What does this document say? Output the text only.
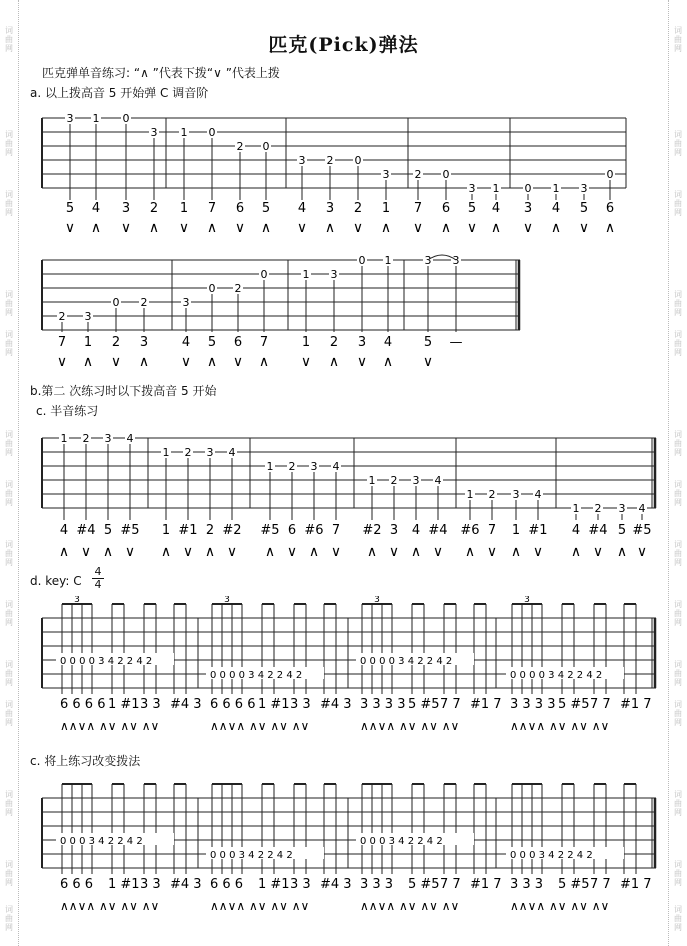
匹克(Pick)弹法
匹克弹单音练习: “∧ ”代表下拨“∨ ”代表上拨
a. 以上拨高音 5 开始弹 C 调音阶
3
5
∨
1
4
∧
0
3
∨
3
2
∧
1
1
∨
0
7
∧
2
6
∨
0
5
∧
3
4
∨
2
3
∧
0
2
∨
3
1
∧
2
7
∨
0
6
∧
3
5
∨
1
4
∧
0
3
∨
1
4
∧
3
5
∨
0
6
∧
2
7
∨
3
1
∧
0
2
∨
2
3
∧
3
4
∨
0
5
∧
2
6
∨
0
7
∧
1
1
∨
3
2
∧
0
3
∨
1
4
∧
3
5
∨
3
—
b.第二 次练习时以下拨高音 5 开始
c. 半音练习
1
4
∧
2
#4
∨
3
5
∧
4
#5
∨
1
1
∧
2
#1
∨
3
2
∧
4
#2
∨
1
#5
∧
2
6
∨
3
#6
∧
4
7
∨
1
#2
∧
2
3
∨
3
4
∧
4
#4
∨
1
#6
∧
2
7
∨
3
1
∧
4
#1
∨
1
4
∧
2
#4
∨
3
5
∧
4
#5
∨
d. key: C
4
4
3
0 0 0 0 3 4 2 2 4 2
6 6 6 6 1 #1 3 3 #4 3
∧∧∨∧ ∧∨ ∧∨ ∧∨
3
0 0 0 0 3 4 2 2 4 2
6 6 6 6 1 #1 3 3 #4 3
∧∧∨∧ ∧∨ ∧∨ ∧∨
3
0 0 0 0 3 4 2 2 4 2
3 3 3 3 5 #5 7 7 #1 7
∧∧∨∧ ∧∨ ∧∨ ∧∨
3
0 0 0 0 3 4 2 2 4 2
3 3 3 3 5 #5 7 7 #1 7
∧∧∨∧ ∧∨ ∧∨ ∧∨
c. 将上练习改变拨法
0 0 0 3 4 2 2 4 2
6 6 6 1 #1 3 3 #4 3
∧∧∨∧ ∧∨ ∧∨ ∧∨
0 0 0 3 4 2 2 4 2
6 6 6 1 #1 3 3 #4 3
∧∧∨∧ ∧∨ ∧∨ ∧∨
0 0 0 3 4 2 2 4 2
3 3 3 5 #5 7 7 #1 7
∧∧∨∧ ∧∨ ∧∨ ∧∨
0 0 0 3 4 2 2 4 2
3 3 3 5 #5 7 7 #1 7
∧∧∨∧ ∧∨ ∧∨ ∧∨
词
曲
网
词
曲
网
词
曲
网
词
曲
网
词
曲
网
词
曲
网
词
曲
网
词
曲
网
词
曲
网
词
曲
网
词
曲
网
词
曲
网
词
曲
网
词
曲
网
词
曲
网
词
曲
网
词
曲
网
词
曲
网
词
曲
网
词
曲
网
词
曲
网
词
曲
网
词
曲
网
词
曲
网
词
曲
网
词
曲
网
词
曲
网
词
曲
网
